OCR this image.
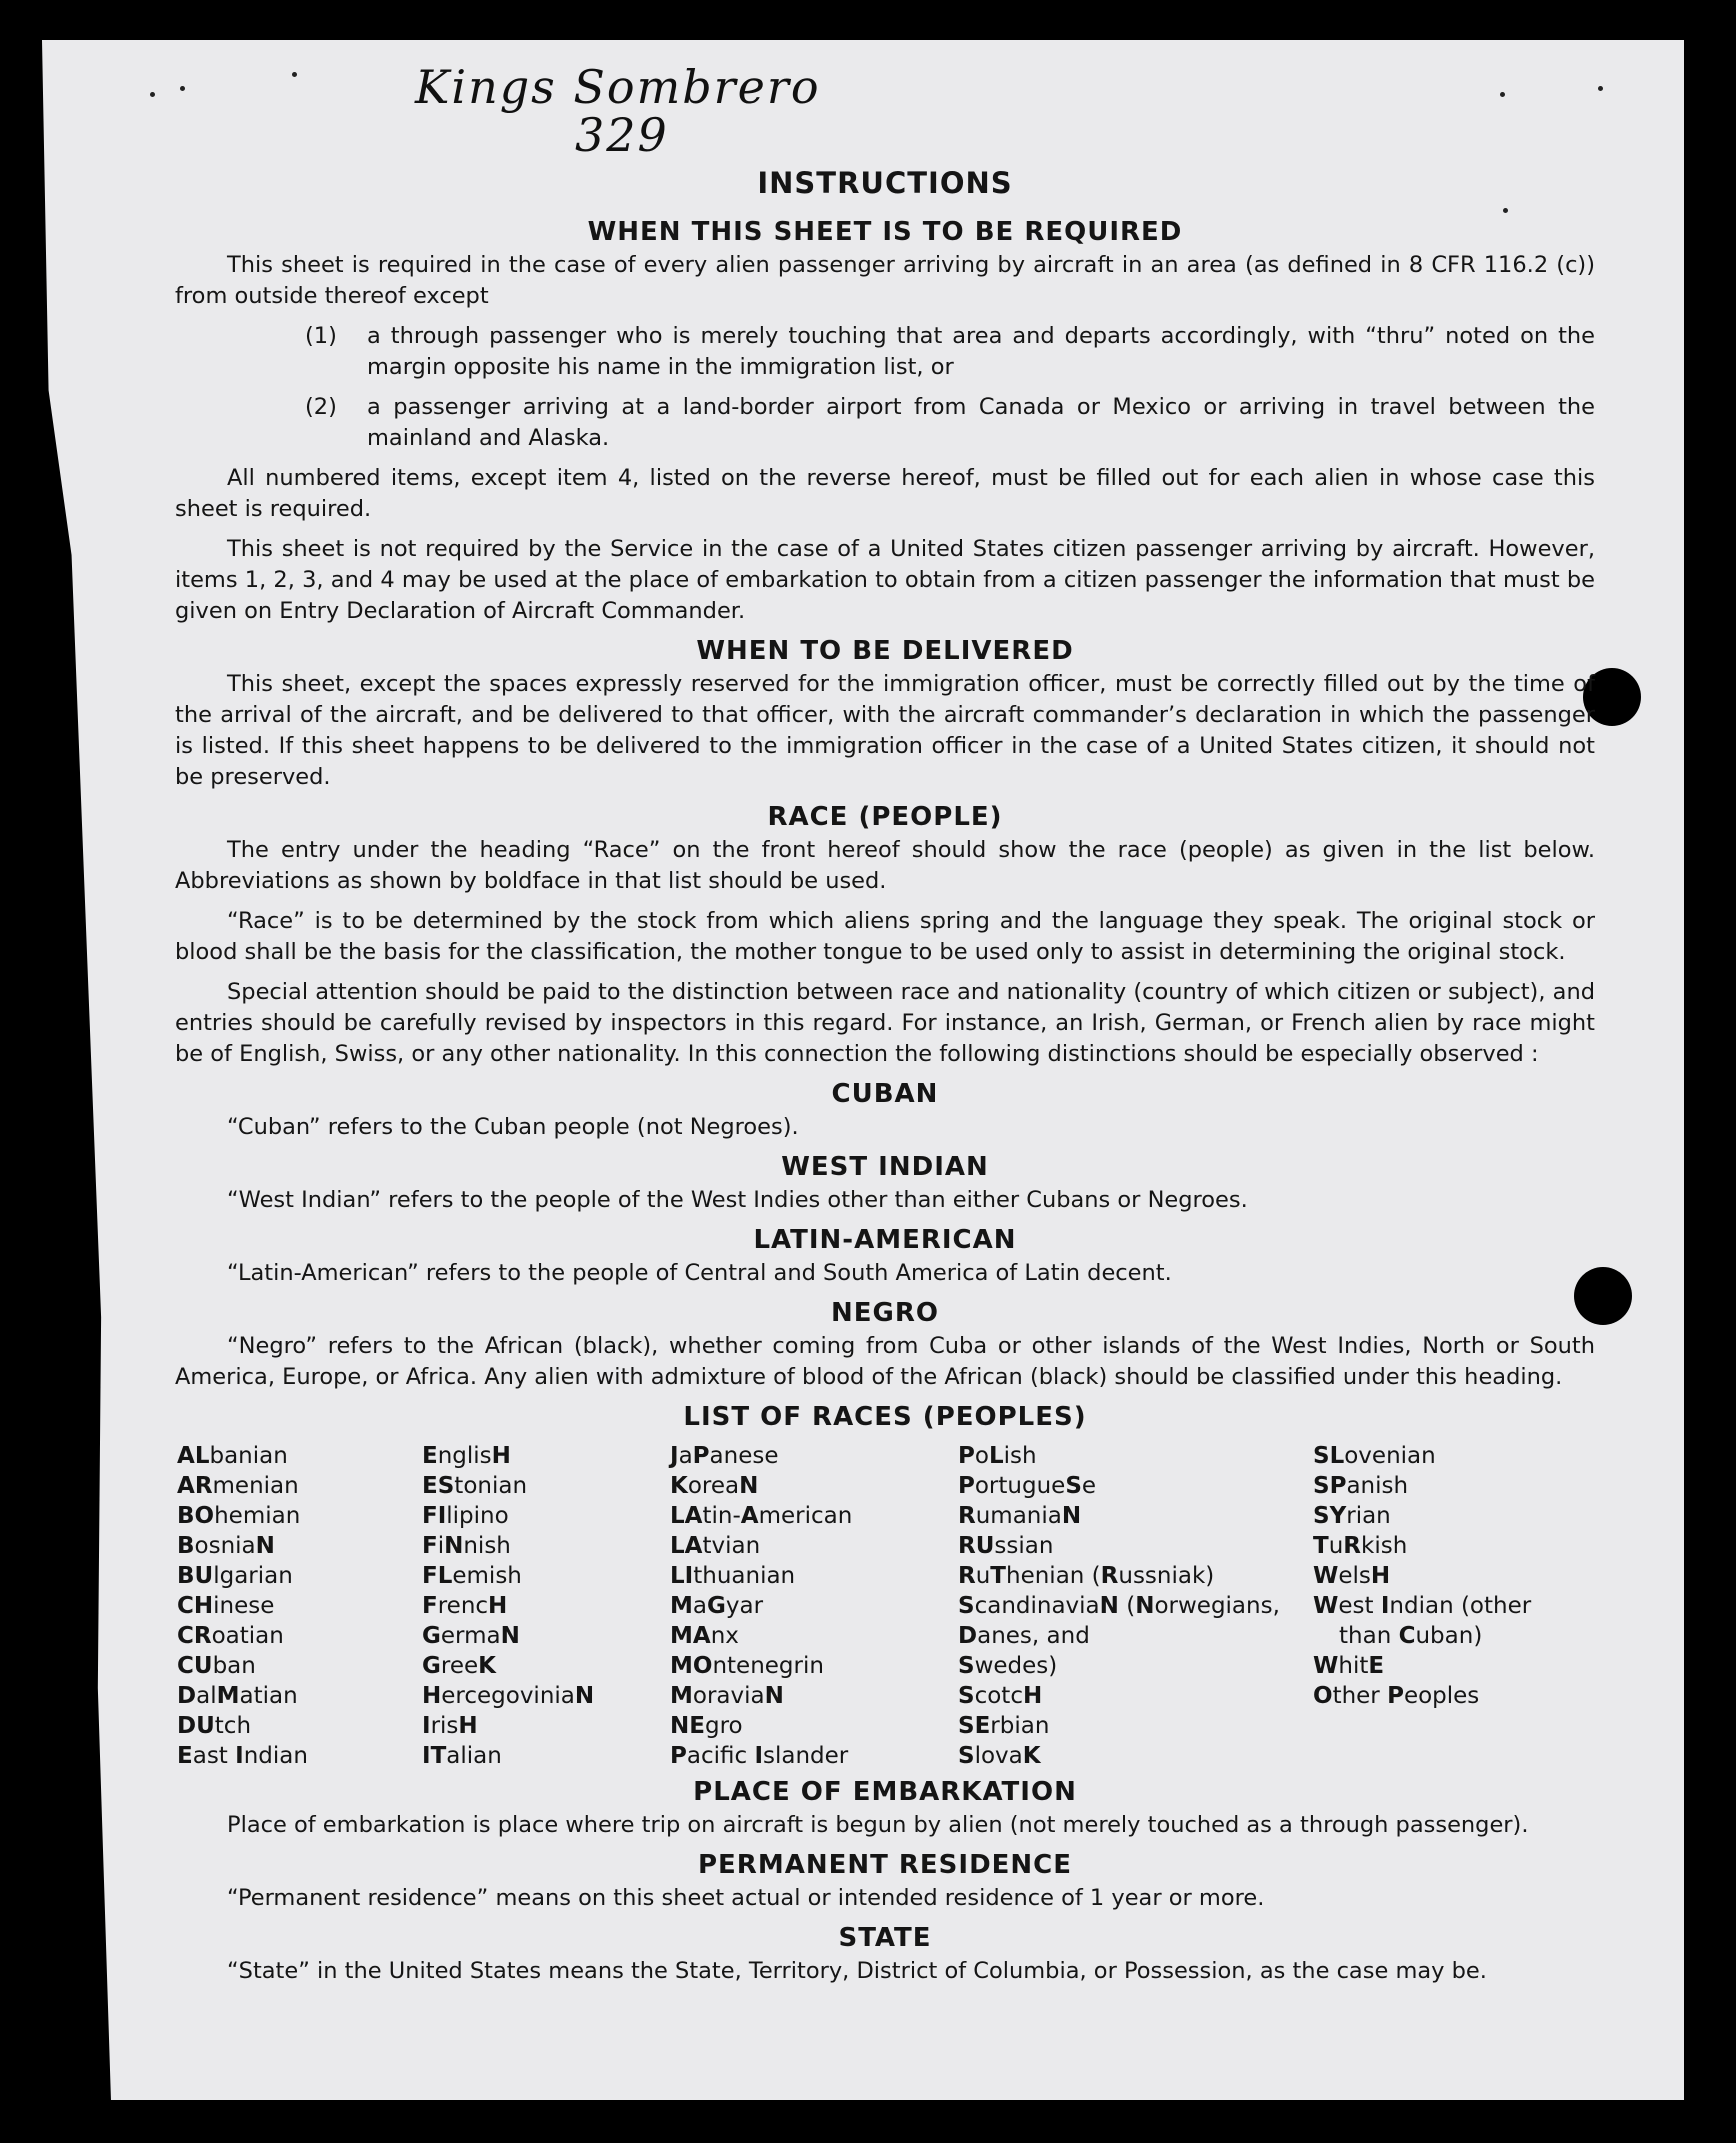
Kings Sombrero
329
INSTRUCTIONS
WHEN THIS SHEET IS TO BE REQUIRED

This sheet is required in the case of every alien passenger arriving by aircraft in an area (as defined in 8 CFR 116.2 (c)) from outside thereof except

(1)	a through passenger who is merely touching that area and departs accordingly, with “thru” noted on the margin opposite his name in the immigration list, or
(2)	a passenger arriving at a land-border airport from Canada or Mexico or arriving in travel between the mainland and Alaska.

All numbered items, except item 4, listed on the reverse hereof, must be filled out for each alien in whose case this sheet is required.

This sheet is not required by the Service in the case of a United States citizen passenger arriving by aircraft. However, items 1, 2, 3, and 4 may be used at the place of embarkation to obtain from a citizen passenger the information that must be given on Entry Declaration of Aircraft Commander.

WHEN TO BE DELIVERED

This sheet, except the spaces expressly reserved for the immigration officer, must be correctly filled out by the time of the arrival of the aircraft, and be delivered to that officer, with the aircraft commander’s declaration in which the passenger is listed. If this sheet happens to be delivered to the immigration officer in the case of a United States citizen, it should not be preserved.

RACE (PEOPLE)

The entry under the heading “Race” on the front hereof should show the race (people) as given in the list below. Abbreviations as shown by boldface in that list should be used.

“Race” is to be determined by the stock from which aliens spring and the language they speak. The original stock or blood shall be the basis for the classification, the mother tongue to be used only to assist in determining the original stock.

Special attention should be paid to the distinction between race and nationality (country of which citizen or subject), and entries should be carefully revised by inspectors in this regard. For instance, an Irish, German, or French alien by race might be of English, Swiss, or any other nationality. In this connection the following distinctions should be especially observed :

CUBAN

“Cuban” refers to the Cuban people (not Negroes).

WEST INDIAN

“West Indian” refers to the people of the West Indies other than either Cubans or Negroes.

LATIN-AMERICAN

“Latin-American” refers to the people of Central and South America of Latin decent.

NEGRO

“Negro” refers to the African (black), whether coming from Cuba or other islands of the West Indies, North or South America, Europe, or Africa. Any alien with admixture of blood of the African (black) should be classified under this heading.

LIST OF RACES (PEOPLES)
ALbanian
ARmenian
BOhemian
BosniaN
BUlgarian
CHinese
CRoatian
CUban
DalMatian
DUtch
East Indian
EnglisH
EStonian
FIlipino
FiNnish
FLemish
FrencH
GermaN
GreeK
HercegoviniaN
IrisH
ITalian
JaPanese
KoreaN
LAtin-American
LAtvian
LIthuanian
MaGyar
MAnx
MOntenegrin
MoraviaN
NEgro
Pacific Islander
PoLish
PortugueSe
RumaniaN
RUssian
RuThenian (Russniak)
ScandinaviaN (Norwegians,
Danes, and
Swedes)
ScotcH
SErbian
SlovaK
SLovenian
SPanish
SYrian
TuRkish
WelsH
West Indian (other
than Cuban)
WhitE
Other Peoples
PLACE OF EMBARKATION

Place of embarkation is place where trip on aircraft is begun by alien (not merely touched as a through passenger).

PERMANENT RESIDENCE

“Permanent residence” means on this sheet actual or intended residence of 1 year or more.

STATE

“State” in the United States means the State, Territory, District of Columbia, or Possession, as the case may be.
